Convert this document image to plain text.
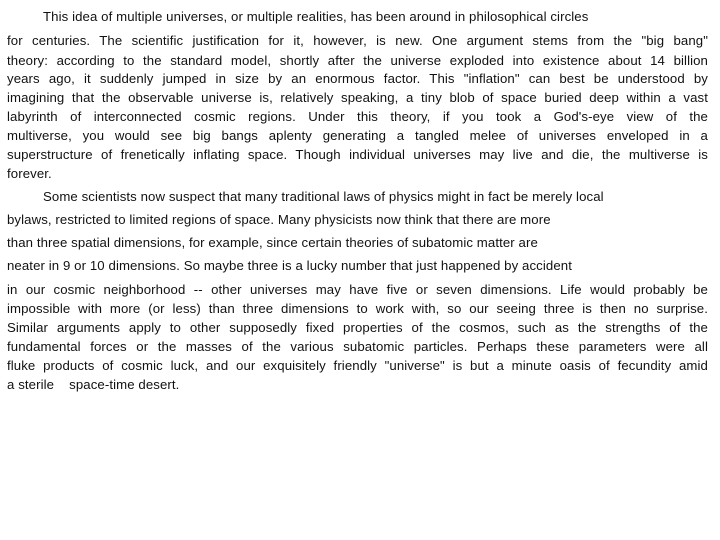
This idea of multiple universes, or multiple realities, has been around in philosophical circles
for centuries. The scientific justification for it, however, is new. One argument stems from the "big bang"
theory: according to the standard model, shortly after the universe exploded into existence about 14 billion
years ago, it suddenly jumped in size by an enormous factor. This "inflation" can best be understood by
imagining that the observable universe is, relatively speaking, a tiny blob of space buried deep within a vast
labyrinth of interconnected cosmic regions. Under this theory, if you took a God's-eye view of the
multiverse, you would see big bangs aplenty generating a tangled melee of universes enveloped in a
superstructure of frenetically inflating space. Though individual universes may live and die, the multiverse is
forever.
Some scientists now suspect that many traditional laws of physics might in fact be merely local
bylaws, restricted to limited regions of space. Many physicists now think that there are more
than three spatial dimensions, for example, since certain theories of subatomic matter are
neater in 9 or 10 dimensions. So maybe three is a lucky number that just happened by accident
in our cosmic neighborhood -- other universes may have five or seven dimensions. Life would probably be
impossible with more (or less) than three dimensions to work with, so our seeing three is then no surprise.
Similar arguments apply to other supposedly fixed properties of the cosmos, such as the strengths of the
fundamental forces or the masses of the various subatomic particles. Perhaps these parameters were all
fluke products of cosmic luck, and our exquisitely friendly "universe" is but a minute oasis of fecundity amid
a sterile    space-time desert.
